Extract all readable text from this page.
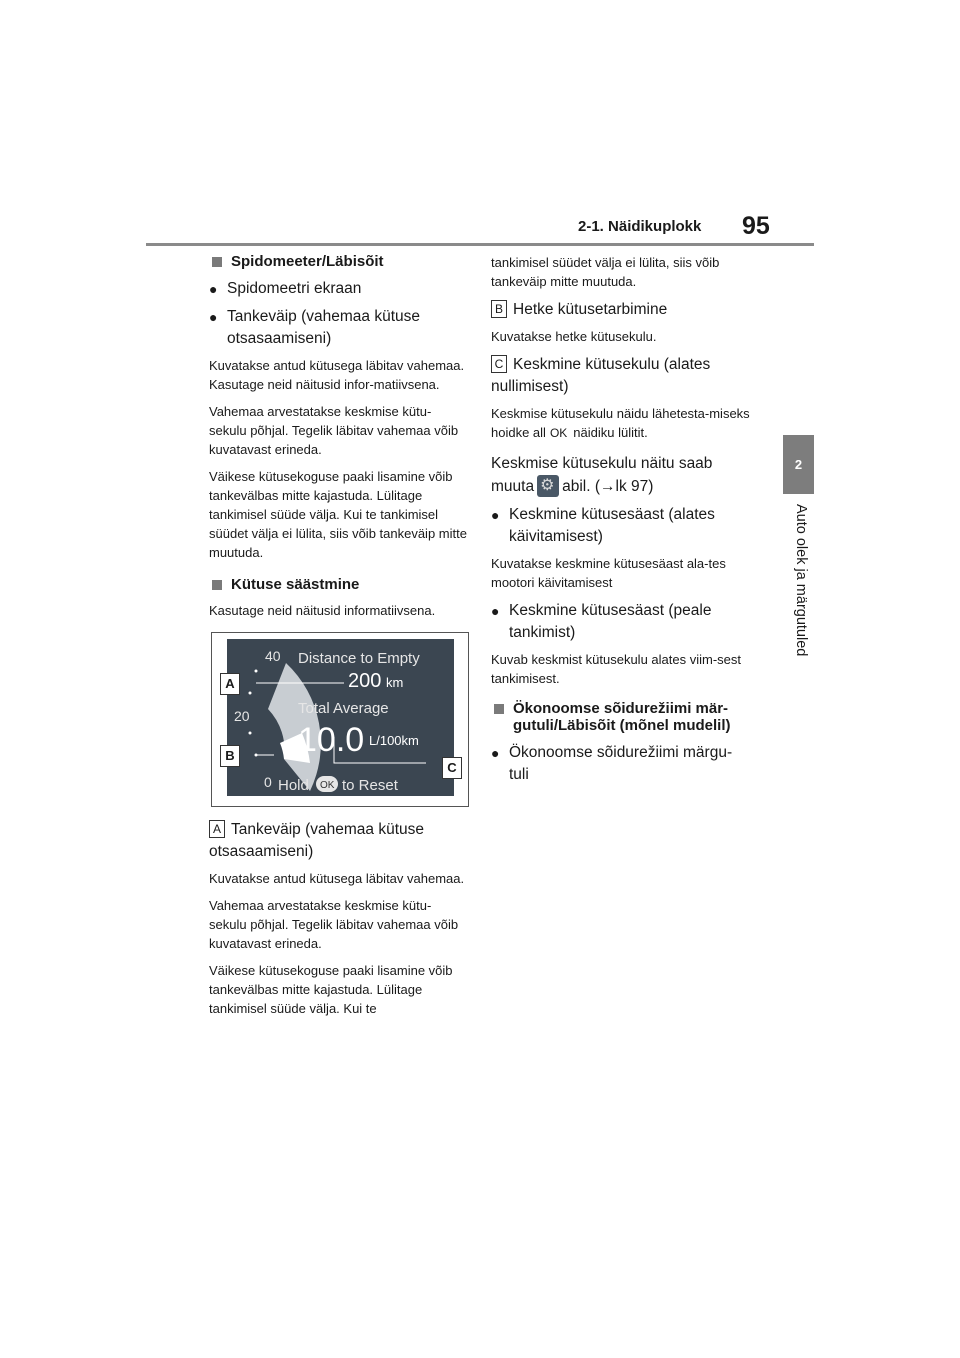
2-1. Näidikuplokk 95
2
Auto olek ja märgutuled
Spidomeeter/Läbisõit
● Spidomeetri ekraan
● Tankeväip (vahemaa kütuse otsasaamiseni)

Kuvatakse antud kütusega läbitav vahemaa. Kasutage neid näitusid infor-matiivsena.

Vahemaa arvestatakse keskmise kütu-sekulu põhjal. Tegelik läbitav vahemaa võib kuvatavast erineda.

Väikese kütusekoguse paaki lisamine võib tankevälbas mitte kajastuda. Lülitage tankimisel süüde välja. Kui te tankimisel süüdet välja ei lülita, siis võib tankeväip mitte muutuda.

Kütuse säästmine

Kasutage neid näitusid informatiivsena.

40
20
0
Distance to Empty
200 km
Total Average
10.0 L/100km
Hold OK to Reset
A
B
C
A Tankeväip (vahemaa kütuse otsasaamiseni)

Kuvatakse antud kütusega läbitav vahemaa.

Vahemaa arvestatakse keskmise kütu-sekulu põhjal. Tegelik läbitav vahemaa võib kuvatavast erineda.

Väikese kütusekoguse paaki lisamine võib tankevälbas mitte kajastuda. Lülitage tankimisel süüde välja. Kui te

tankimisel süüdet välja ei lülita, siis võib tankeväip mitte muutuda.

B Hetke kütusetarbimine

Kuvatakse hetke kütusekulu.

C Keskmine kütusekulu (alates nullimisest)

Keskmise kütusekulu näidu lähetesta-miseks hoidke all OK näidiku lülitit.

Keskmise kütusekulu näitu saab muuta⚙ abil. (→lk 97)

● Keskmine kütusesäast (alates käivitamisest)

Kuvatakse keskmine kütusesäast ala-tes mootori käivitamisest

● Keskmine kütusesäast (peale tankimist)

Kuvab keskmist kütusekulu alates viim-sest tankimisest.

Ökonoomse sõidurežiimi mär-gutuli/Läbisõit (mõnel mudelil)
● Ökonoomse sõidurežiimi märgu-tuli
